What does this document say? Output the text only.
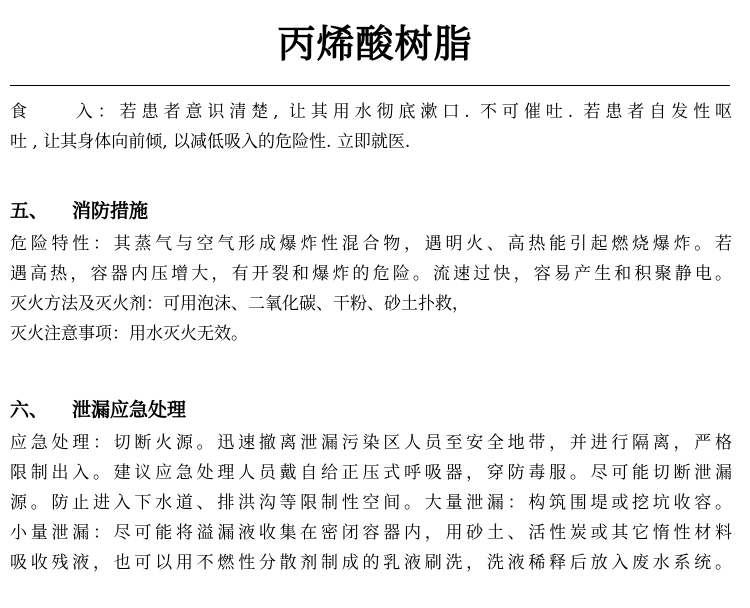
丙烯酸树脂
食　　入：若患者意识清楚, 让其用水彻底漱口. 不可催吐. 若患者自发性呕
吐 , 让其身体向前倾, 以减低吸入的危险性. 立即就医.
五、 消防措施
危险特性：其蒸气与空气形成爆炸性混合物，遇明火、高热能引起燃烧爆炸。若
遇高热，容器内压增大，有开裂和爆炸的危险。流速过快，容易产生和积聚静电。
灭火方法及灭火剂：可用泡沫、二氧化碳、干粉、砂土扑救，
灭火注意事项：用水灭火无效。
六、 泄漏应急处理
应急处理：切断火源。迅速撤离泄漏污染区人员至安全地带，并进行隔离，严格
限制出入。建议应急处理人员戴自给正压式呼吸器，穿防毒服。尽可能切断泄漏
源。防止进入下水道、排洪沟等限制性空间。大量泄漏：构筑围堤或挖坑收容。
小量泄漏：尽可能将溢漏液收集在密闭容器内，用砂土、活性炭或其它惰性材料
吸收残液，也可以用不燃性分散剂制成的乳液刷洗，洗液稀释后放入废水系统。
